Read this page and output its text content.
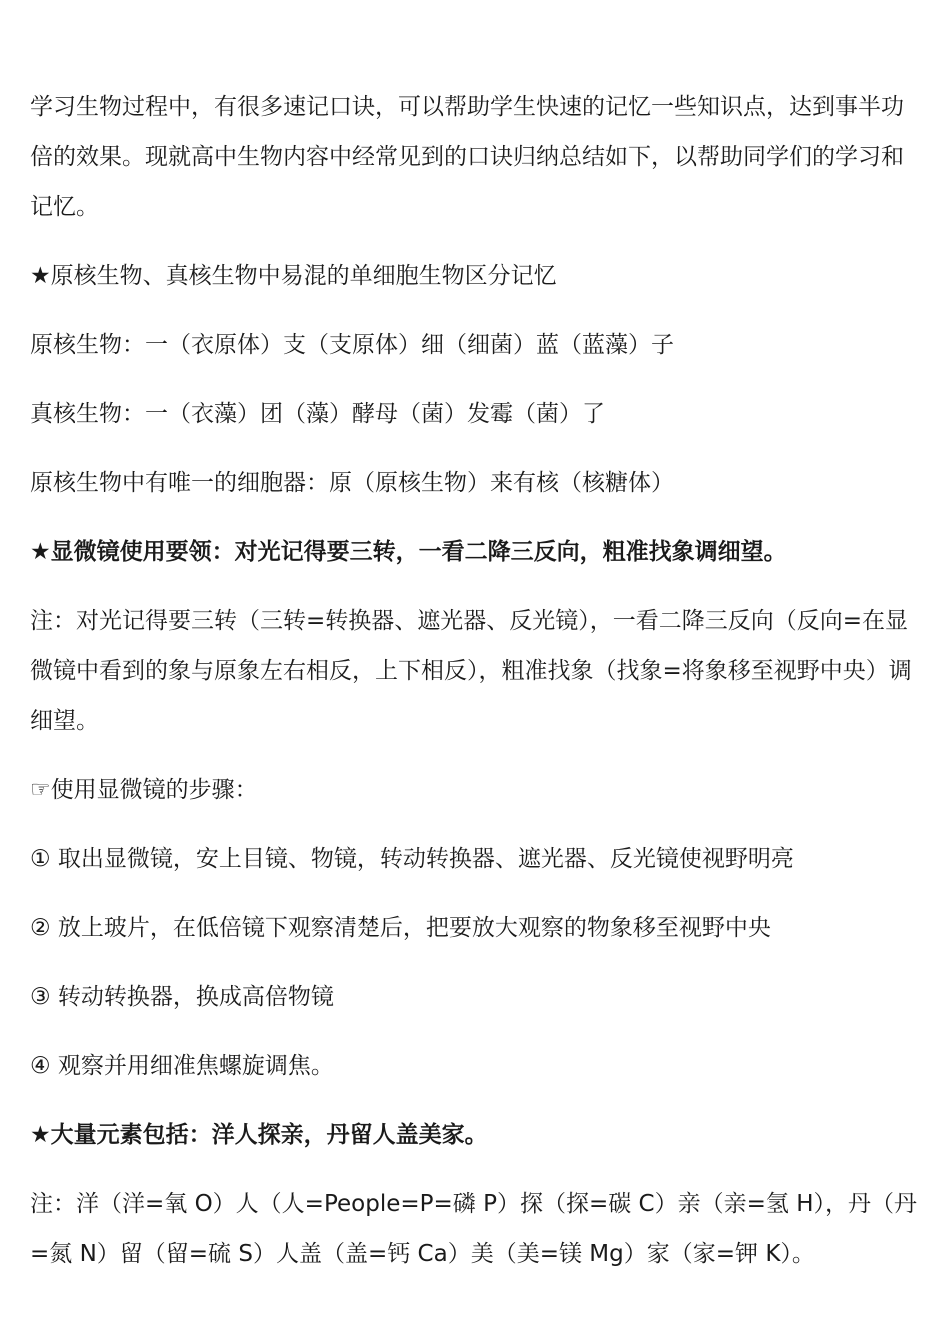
学习生物过程中，有很多速记口诀，可以帮助学生快速的记忆一些知识点，达到事半功倍的效果。现就高中生物内容中经常见到的口诀归纳总结如下，以帮助同学们的学习和记忆。

★原核生物、真核生物中易混的单细胞生物区分记忆

原核生物：一（衣原体）支（支原体）细（细菌）蓝（蓝藻）子

真核生物：一（衣藻）团（藻）酵母（菌）发霉（菌）了

原核生物中有唯一的细胞器：原（原核生物）来有核（核糖体）

★显微镜使用要领：对光记得要三转，一看二降三反向，粗准找象调细望。

注：对光记得要三转（三转=转换器、遮光器、反光镜），一看二降三反向（反向=在显微镜中看到的象与原象左右相反，上下相反），粗准找象（找象=将象移至视野中央）调细望。

☞使用显微镜的步骤：

① 取出显微镜，安上目镜、物镜，转动转换器、遮光器、反光镜使视野明亮

② 放上玻片，在低倍镜下观察清楚后，把要放大观察的物象移至视野中央

③ 转动转换器，换成高倍物镜

④ 观察并用细准焦螺旋调焦。

★大量元素包括：洋人探亲，丹留人盖美家。

注：洋（洋=氧 O）人（人=People=P=磷 P）探（探=碳 C）亲（亲=氢 H），丹（丹=氮 N）留（留=硫 S）人盖（盖=钙 Ca）美（美=镁 Mg）家（家=钾 K）。
